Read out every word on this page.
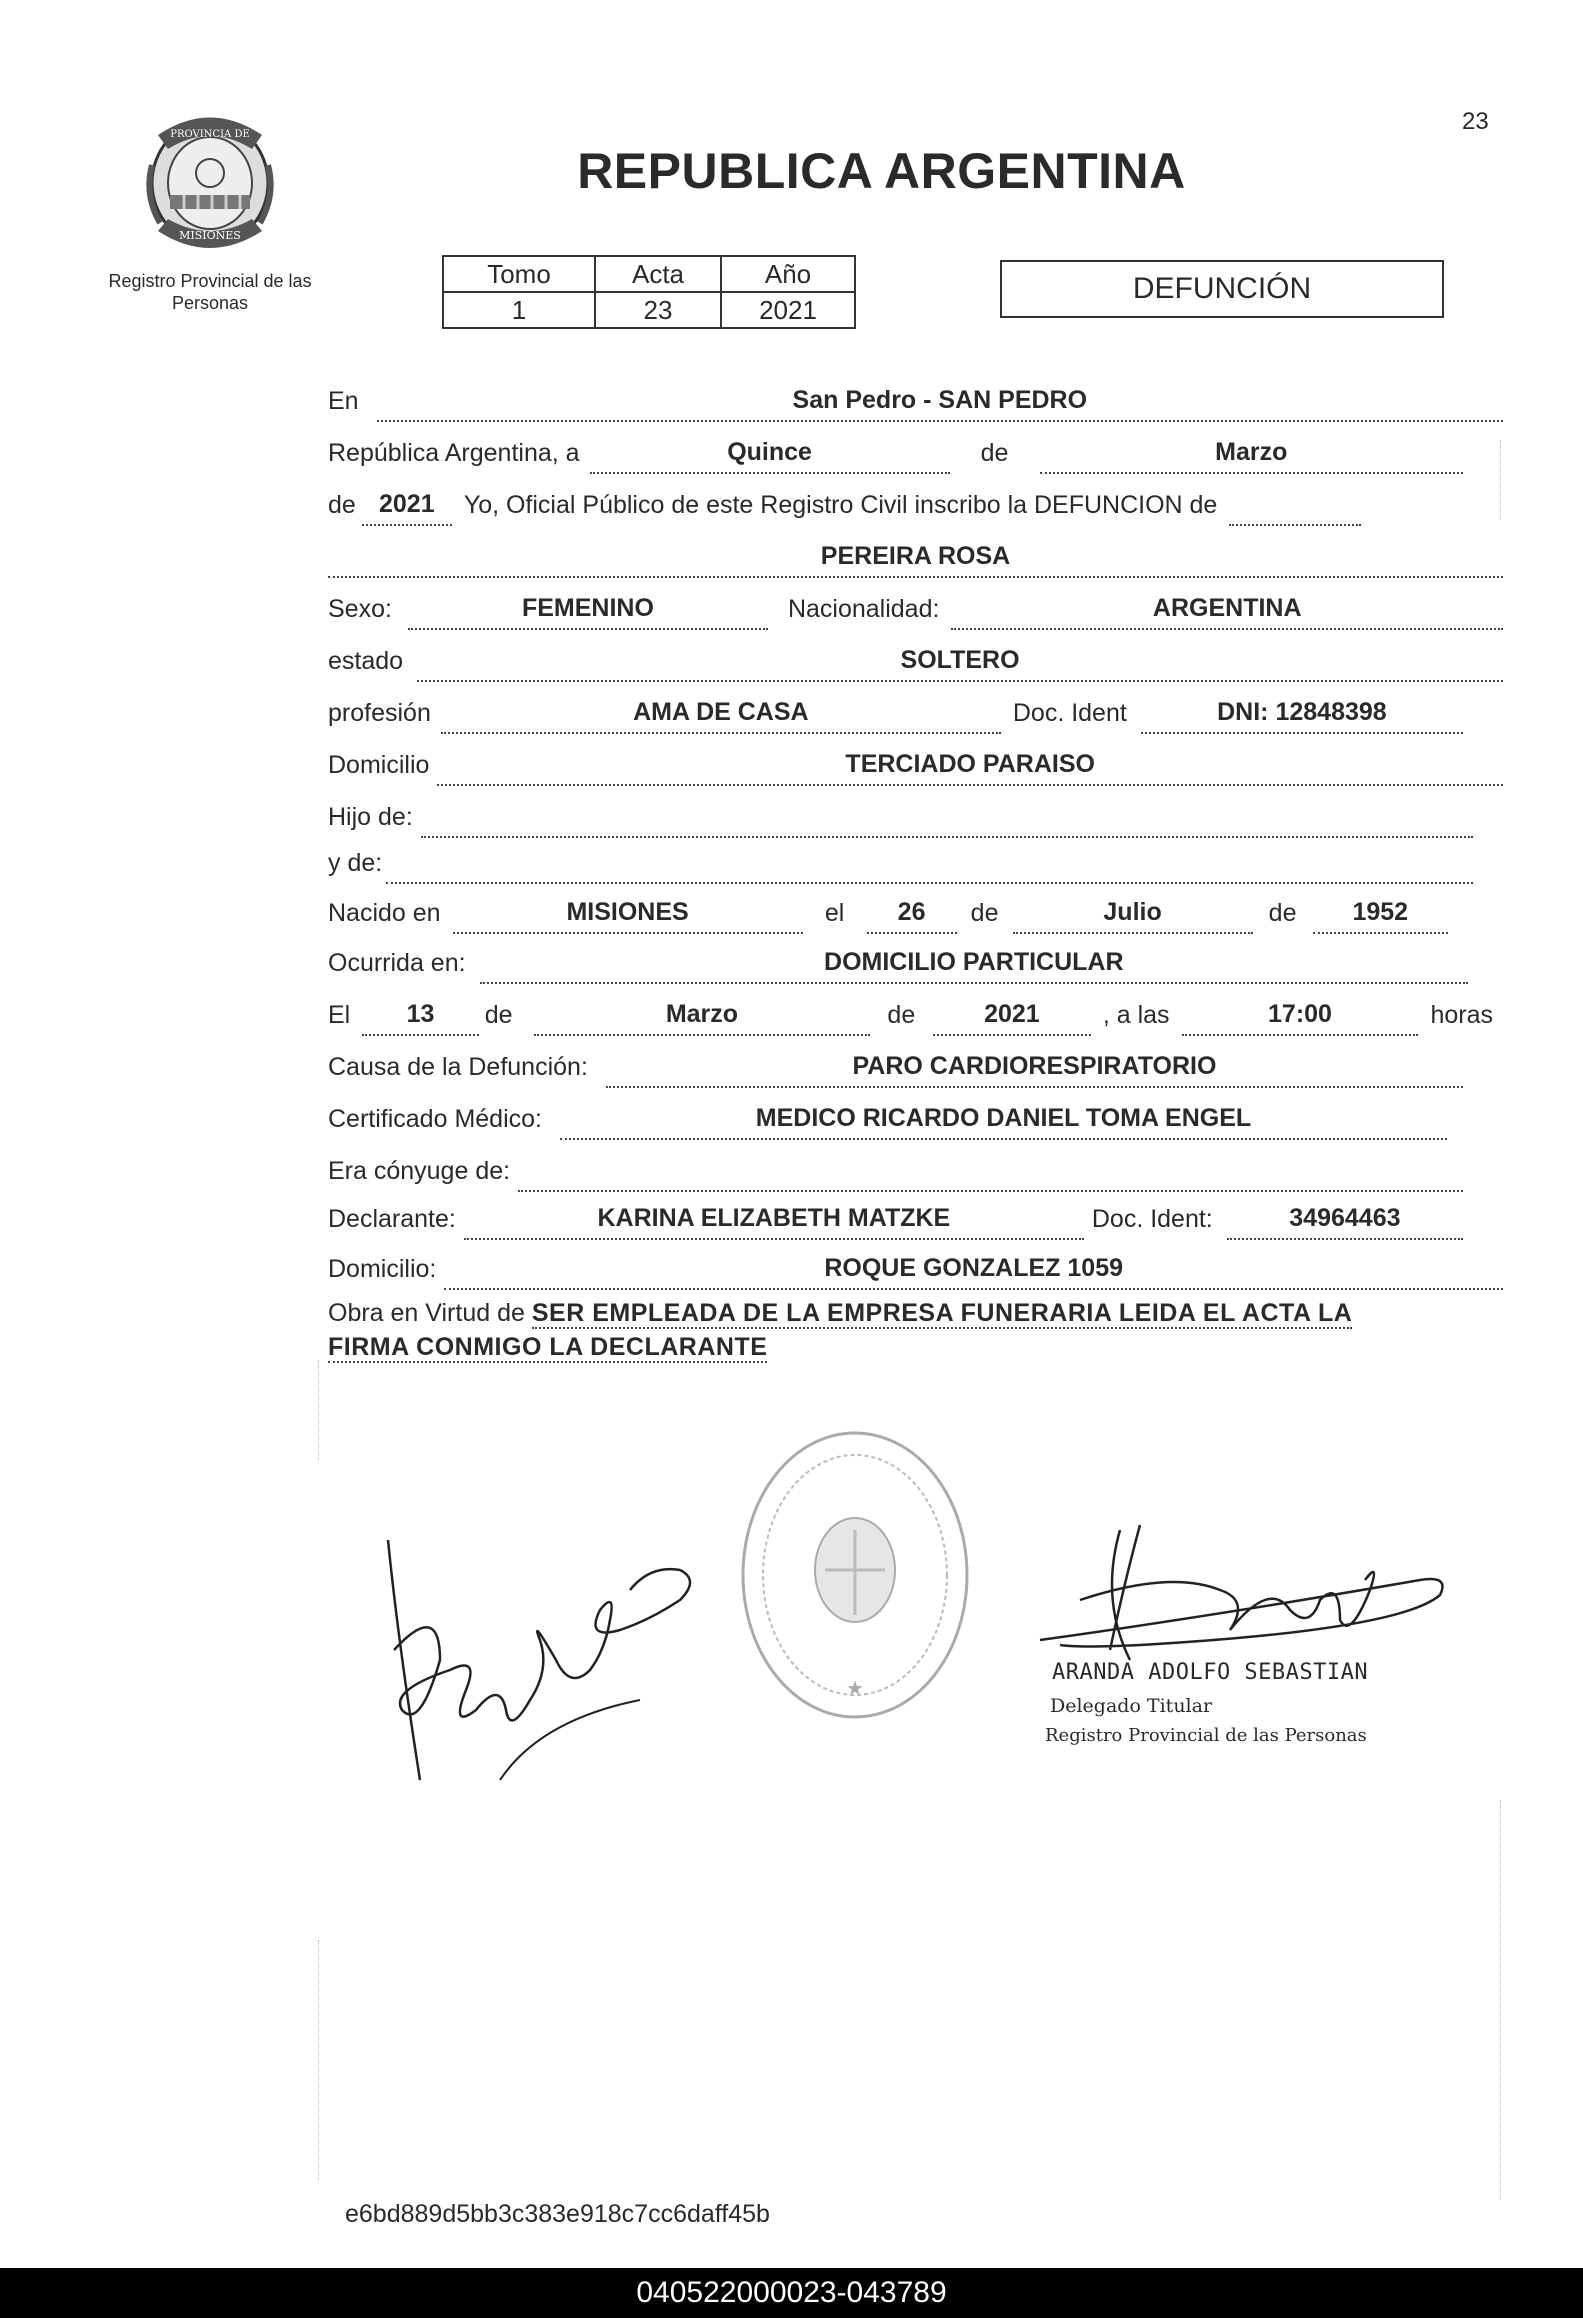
23
PROVINCIA DE
MISIONES
REPUBLICA ARGENTINA
Registro Provincial de las Personas
Tomo	Acta	Año
1	23	2021
DEFUNCIÓN
En	San Pedro - SAN PEDRO
República Argentina, a	Quince	de	Marzo
de 2021	Yo, Oficial Público de este Registro Civil inscribo la DEFUNCION de
PEREIRA ROSA
Sexo:	FEMENINO	Nacionalidad:	ARGENTINA
estado	SOLTERO
profesión	AMA DE CASA	Doc. Ident	DNI: 12848398
Domicilio	TERCIADO PARAISO
Hijo de:
y de:
Nacido en	MISIONES	el	26	de	Julio	de	1952
Ocurrida en:	DOMICILIO PARTICULAR
El	13	de	Marzo	de	2021	, a las	17:00	horas
Causa de la Defunción:	PARO CARDIORESPIRATORIO
Certificado Médico:	MEDICO RICARDO DANIEL TOMA ENGEL
Era cónyuge de:
Declarante:	KARINA ELIZABETH MATZKE	Doc. Ident:	34964463
Domicilio:	ROQUE GONZALEZ 1059
Obra en Virtud de SER EMPLEADA DE LA EMPRESA FUNERARIA LEIDA EL ACTA LA
FIRMA CONMIGO LA DECLARANTE
★
ARANDA ADOLFO SEBASTIAN
Delegado Titular
Registro Provincial de las Personas
e6bd889d5bb3c383e918c7cc6daff45b
040522000023-043789
